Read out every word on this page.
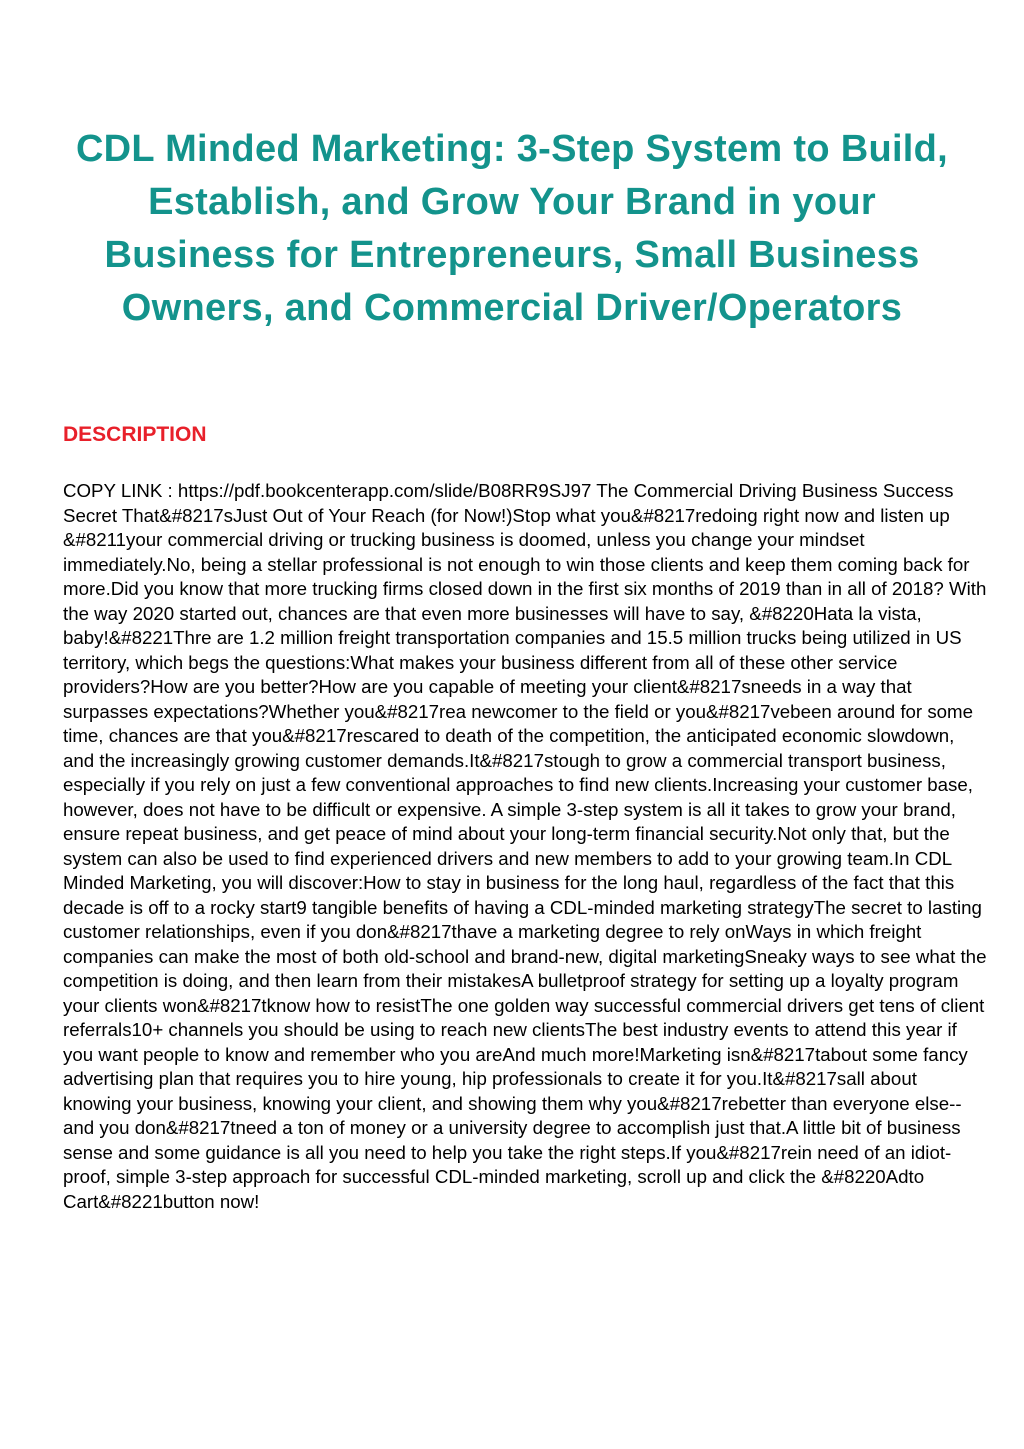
CDL Minded Marketing: 3-Step System to Build, Establish, and Grow Your Brand in your Business for Entrepreneurs, Small Business Owners, and Commercial Driver/Operators
DESCRIPTION

COPY LINK : https://pdf.bookcenterapp.com/slide/B08RR9SJ97 The Commercial Driving Business Success Secret That&#8217sJust Out of Your Reach (for Now!)Stop what you&#8217redoing right now and listen up &#8211your commercial driving or trucking business is doomed, unless you change your mindset immediately.No, being a stellar professional is not enough to win those clients and keep them coming back for more.Did you know that more trucking firms closed down in the first six months of 2019 than in all of 2018? With the way 2020 started out, chances are that even more businesses will have to say, &#8220Hata la vista, baby!&#8221Thre are 1.2 million freight transportation companies and 15.5 million trucks being utilized in US territory, which begs the questions:What makes your business different from all of these other service providers?How are you better?How are you capable of meeting your client&#8217sneeds in a way that surpasses expectations?Whether you&#8217rea newcomer to the field or you&#8217vebeen around for some time, chances are that you&#8217rescared to death of the competition, the anticipated economic slowdown, and the increasingly growing customer demands.It&#8217stough to grow a commercial transport business, especially if you rely on just a few conventional approaches to find new clients.Increasing your customer base, however, does not have to be difficult or expensive. A simple 3-step system is all it takes to grow your brand, ensure repeat business, and get peace of mind about your long-term financial security.Not only that, but the system can also be used to find experienced drivers and new members to add to your growing team.In CDL Minded Marketing, you will discover:How to stay in business for the long haul, regardless of the fact that this decade is off to a rocky start9 tangible benefits of having a CDL-minded marketing strategyThe secret to lasting customer relationships, even if you don&#8217thave a marketing degree to rely onWays in which freight companies can make the most of both old-school and brand-new, digital marketingSneaky ways to see what the competition is doing, and then learn from their mistakesA bulletproof strategy for setting up a loyalty program your clients won&#8217tknow how to resistThe one golden way successful commercial drivers get tens of client referrals10+ channels you should be using to reach new clientsThe best industry events to attend this year if you want people to know and remember who you areAnd much more!Marketing isn&#8217tabout some fancy advertising plan that requires you to hire young, hip professionals to create it for you.It&#8217sall about knowing your business, knowing your client, and showing them why you&#8217rebetter than everyone else--and you don&#8217tneed a ton of money or a university degree to accomplish just that.A little bit of business sense and some guidance is all you need to help you take the right steps.If you&#8217rein need of an idiot-proof, simple 3-step approach for successful CDL-minded marketing, scroll up and click the &#8220Adto Cart&#8221button now!
